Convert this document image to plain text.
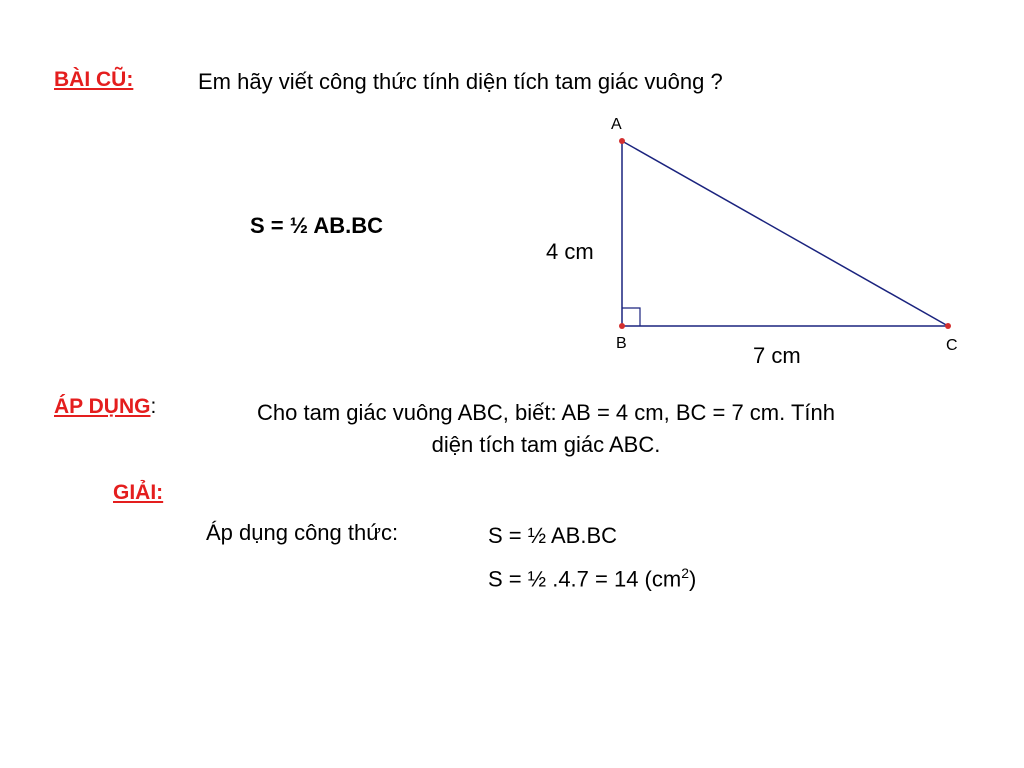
BÀI CŨ:	Em hãy viết công thức tính diện tích tam giác vuông ?
S = ½ AB.BC
A
B	C
4 cm
7 cm
ÁP DỤNG:	Cho tam giác vuông ABC, biết: AB = 4 cm, BC = 7 cm. Tính
diện tích tam giác ABC.
GIẢI:
Áp dụng công thức:	S = ½ AB.BC
S = ½ .4.7 = 14 $(cm^2)$
